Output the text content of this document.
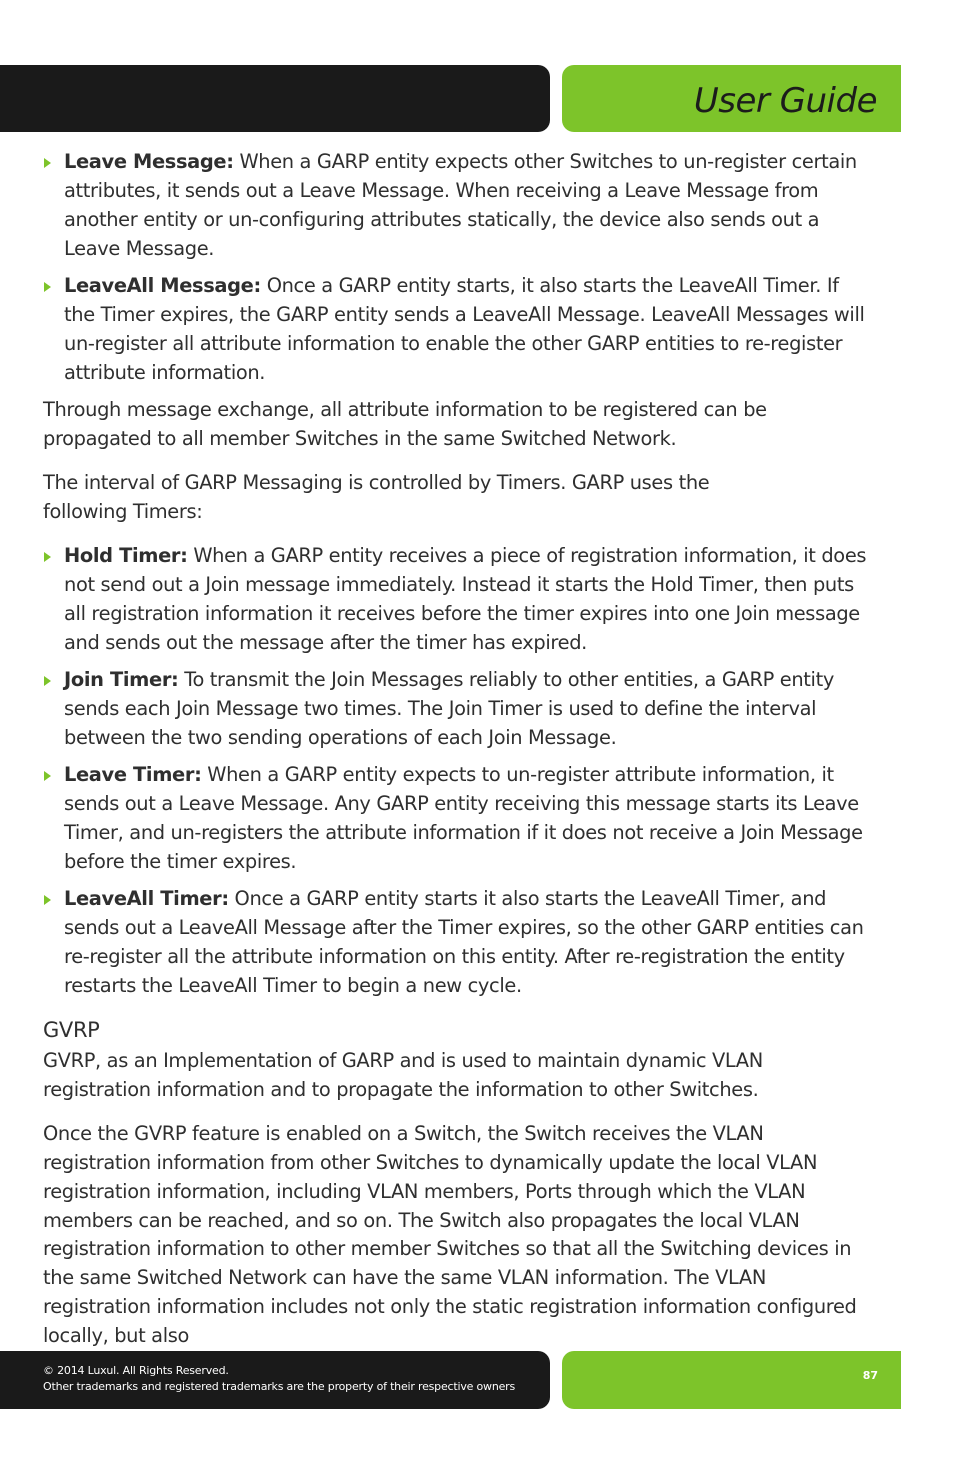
User Guide
Leave Message: When a GARP entity expects other Switches to un-register certain attributes, it sends out a Leave Message. When receiving a Leave Message from another entity or un-configuring attributes statically, the device also sends out a Leave Message.
LeaveAll Message: Once a GARP entity starts, it also starts the LeaveAll Timer. If the Timer expires, the GARP entity sends a LeaveAll Message. LeaveAll Messages will un-register all attribute information to enable the other GARP entities to re-register attribute information.

Through message exchange, all attribute information to be registered can be propagated to all member Switches in the same Switched Network.

The interval of GARP Messaging is controlled by Timers. GARP uses the following Timers:

Hold Timer: When a GARP entity receives a piece of registration information, it does not send out a Join message immediately. Instead it starts the Hold Timer, then puts all registration information it receives before the timer expires into one Join message and sends out the message after the timer has expired.
Join Timer: To transmit the Join Messages reliably to other entities, a GARP entity sends each Join Message two times. The Join Timer is used to define the interval between the two sending operations of each Join Message.
Leave Timer: When a GARP entity expects to un-register attribute information, it sends out a Leave Message. Any GARP entity receiving this message starts its Leave Timer, and un-registers the attribute information if it does not receive a Join Message before the timer expires.
LeaveAll Timer: Once a GARP entity starts it also starts the LeaveAll Timer, and sends out a LeaveAll Message after the Timer expires, so the other GARP entities can re-register all the attribute information on this entity. After re-registration the entity restarts the LeaveAll Timer to begin a new cycle.
GVRP

GVRP, as an Implementation of GARP and is used to maintain dynamic VLAN registration information and to propagate the information to other Switches.

Once the GVRP feature is enabled on a Switch, the Switch receives the VLAN registration information from other Switches to dynamically update the local VLAN registration information, including VLAN members, Ports through which the VLAN members can be reached, and so on. The Switch also propagates the local VLAN registration information to other member Switches so that all the Switching devices in the same Switched Network can have the same VLAN information. The VLAN registration information includes not only the static registration information configured locally, but also

© 2014 Luxul. All Rights Reserved.
Other trademarks and registered trademarks are the property of their respective owners
87
